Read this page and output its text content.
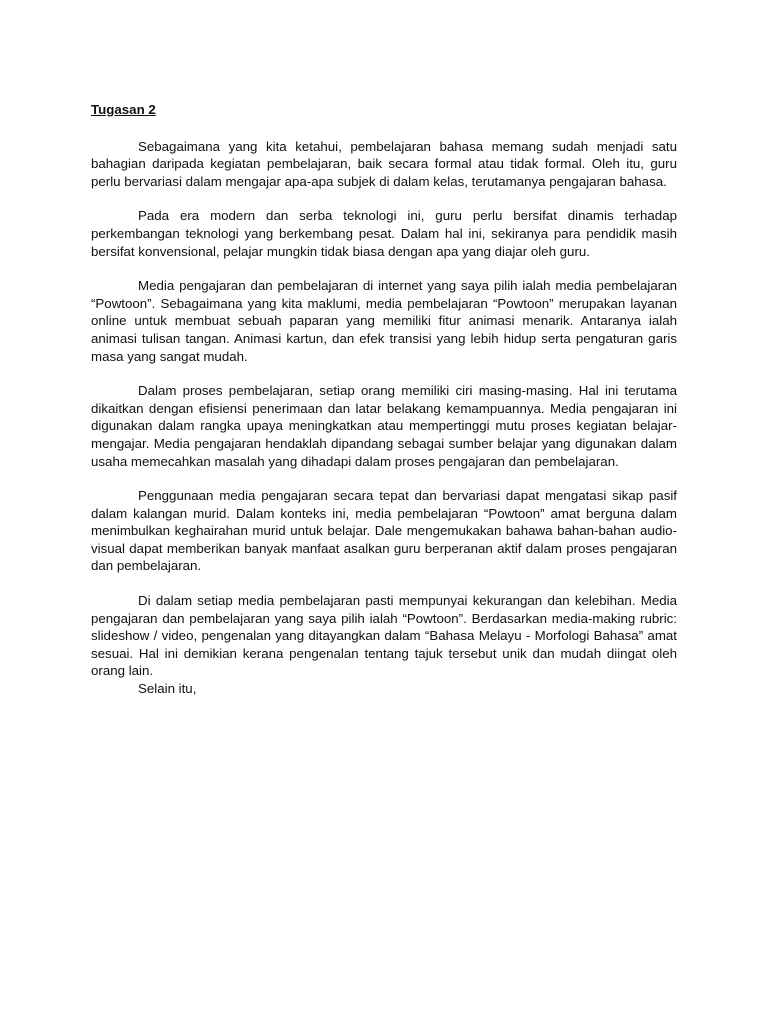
Tugasan 2

Sebagaimana yang kita ketahui, pembelajaran bahasa memang sudah menjadi satu bahagian daripada kegiatan pembelajaran, baik secara formal atau tidak formal. Oleh itu, guru perlu bervariasi dalam mengajar apa-apa subjek di dalam kelas, terutamanya pengajaran bahasa.

Pada era modern dan serba teknologi ini, guru perlu bersifat dinamis terhadap perkembangan teknologi yang berkembang pesat. Dalam hal ini, sekiranya para pendidik masih bersifat konvensional, pelajar mungkin tidak biasa dengan apa yang diajar oleh guru.

Media pengajaran dan pembelajaran di internet yang saya pilih ialah media pembelajaran “Powtoon”. Sebagaimana yang kita maklumi, media pembelajaran “Powtoon” merupakan layanan online untuk membuat sebuah paparan yang memiliki fitur animasi menarik. Antaranya ialah animasi tulisan tangan. Animasi kartun, dan efek transisi yang lebih hidup serta pengaturan garis masa yang sangat mudah.

Dalam proses pembelajaran, setiap orang memiliki ciri masing-masing. Hal ini terutama dikaitkan dengan efisiensi penerimaan dan latar belakang kemampuannya. Media pengajaran ini digunakan dalam rangka upaya meningkatkan atau mempertinggi mutu proses kegiatan belajar-mengajar. Media pengajaran hendaklah dipandang sebagai sumber belajar yang digunakan dalam usaha memecahkan masalah yang dihadapi dalam proses pengajaran dan pembelajaran.

Penggunaan media pengajaran secara tepat dan bervariasi dapat mengatasi sikap pasif dalam kalangan murid. Dalam konteks ini, media pembelajaran “Powtoon” amat berguna dalam menimbulkan keghairahan murid untuk belajar. Dale mengemukakan bahawa bahan-bahan audio-visual dapat memberikan banyak manfaat asalkan guru berperanan aktif dalam proses pengajaran dan pembelajaran.

Di dalam setiap media pembelajaran pasti mempunyai kekurangan dan kelebihan. Media pengajaran dan pembelajaran yang saya pilih ialah “Powtoon”. Berdasarkan media-making rubric: slideshow / video, pengenalan yang ditayangkan dalam “Bahasa Melayu - Morfologi Bahasa” amat sesuai. Hal ini demikian kerana pengenalan tentang tajuk tersebut unik dan mudah diingat oleh orang lain.

Selain itu,
